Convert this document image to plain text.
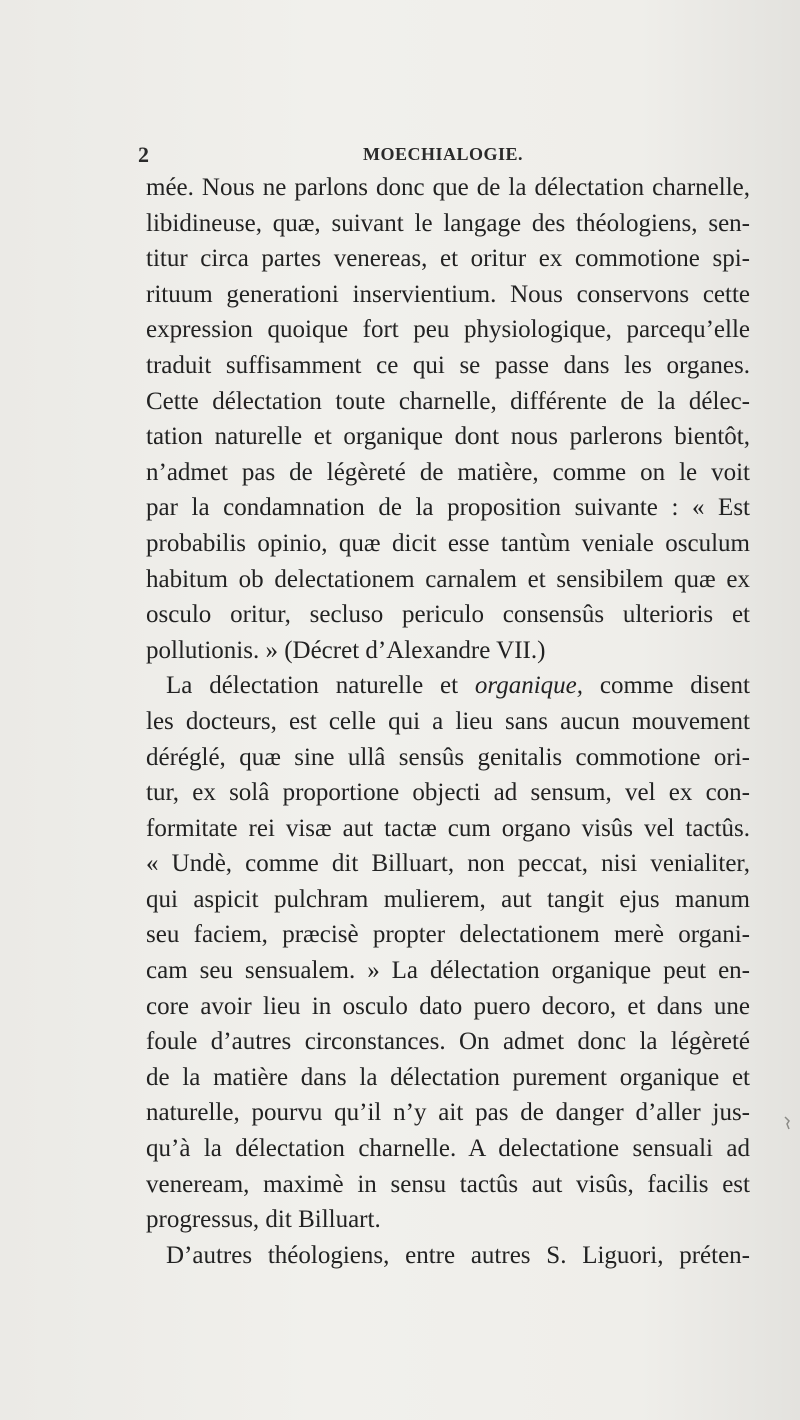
2	MOECHIALOGIE.
mée. Nous ne parlons donc que de la délectation charnelle,
libidineuse, quæ, suivant le langage des théologiens, sen-
titur circa partes venereas, et oritur ex commotione spi-
rituum generationi inservientium. Nous conservons cette
expression quoique fort peu physiologique, parcequ’elle
traduit suffisamment ce qui se passe dans les organes.
Cette délectation toute charnelle, différente de la délec-
tation naturelle et organique dont nous parlerons bientôt,
n’admet pas de légèreté de matière, comme on le voit
par la condamnation de la proposition suivante : « Est
probabilis opinio, quæ dicit esse tantùm veniale osculum
habitum ob delectationem carnalem et sensibilem quæ ex
osculo oritur, secluso periculo consensûs ulterioris et
pollutionis. » (Décret d’Alexandre VII.)
La délectation naturelle et organique, comme disent
les docteurs, est celle qui a lieu sans aucun mouvement
déréglé, quæ sine ullâ sensûs genitalis commotione ori-
tur, ex solâ proportione objecti ad sensum, vel ex con-
formitate rei visæ aut tactæ cum organo visûs vel tactûs.
« Undè, comme dit Billuart, non peccat, nisi venialiter,
qui aspicit pulchram mulierem, aut tangit ejus manum
seu faciem, præcisè propter delectationem merè organi-
cam seu sensualem. » La délectation organique peut en-
core avoir lieu in osculo dato puero decoro, et dans une
foule d’autres circonstances. On admet donc la légèreté
de la matière dans la délectation purement organique et
naturelle, pourvu qu’il n’y ait pas de danger d’aller jus-
qu’à la délectation charnelle. A delectatione sensuali ad
veneream, maximè in sensu tactûs aut visûs, facilis est
progressus, dit Billuart.
D’autres théologiens, entre autres S. Liguori, préten-
